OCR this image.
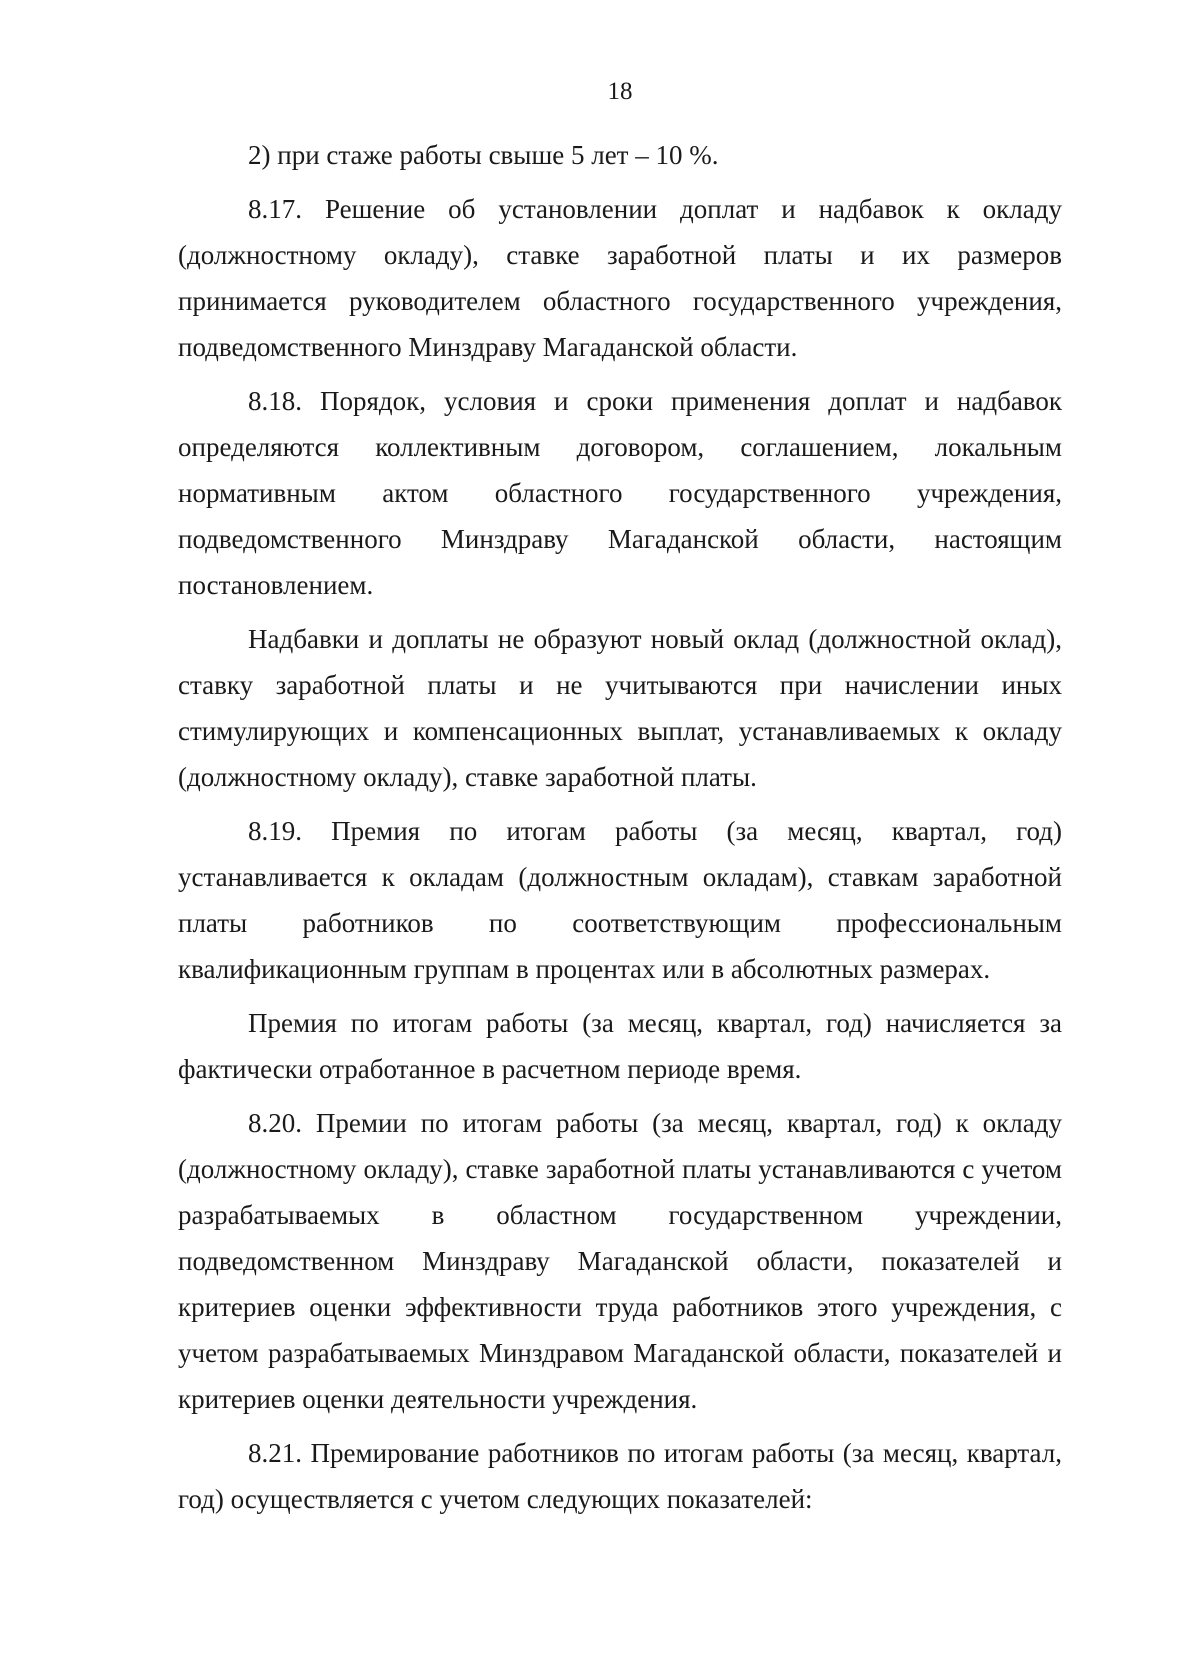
18

2) при стаже работы свыше 5 лет – 10 %.

8.17. Решение об установлении доплат и надбавок к окладу (должностному окладу), ставке заработной платы и их размеров принимается руководителем областного государственного учреждения, подведомственного Минздраву Магаданской области.

8.18. Порядок, условия и сроки применения доплат и надбавок определяются коллективным договором, соглашением, локальным нормативным актом областного государственного учреждения, подведомственного Минздраву Магаданской области, настоящим постановлением.

Надбавки и доплаты не образуют новый оклад (должностной оклад), ставку заработной платы и не учитываются при начислении иных стимулирующих и компенсационных выплат, устанавливаемых к окладу (должностному окладу), ставке заработной платы.

8.19. Премия по итогам работы (за месяц, квартал, год) устанавливается к окладам (должностным окладам), ставкам заработной платы работников по соответствующим профессиональным квалификационным группам в процентах или в абсолютных размерах.

Премия по итогам работы (за месяц, квартал, год) начисляется за фактически отработанное в расчетном периоде время.

8.20. Премии по итогам работы (за месяц, квартал, год) к окладу (должностному окладу), ставке заработной платы устанавливаются с учетом разрабатываемых в областном государственном учреждении, подведомственном Минздраву Магаданской области, показателей и критериев оценки эффективности труда работников этого учреждения, с учетом разрабатываемых Минздравом Магаданской области, показателей и критериев оценки деятельности учреждения.

8.21. Премирование работников по итогам работы (за месяц, квартал, год) осуществляется с учетом следующих показателей:
